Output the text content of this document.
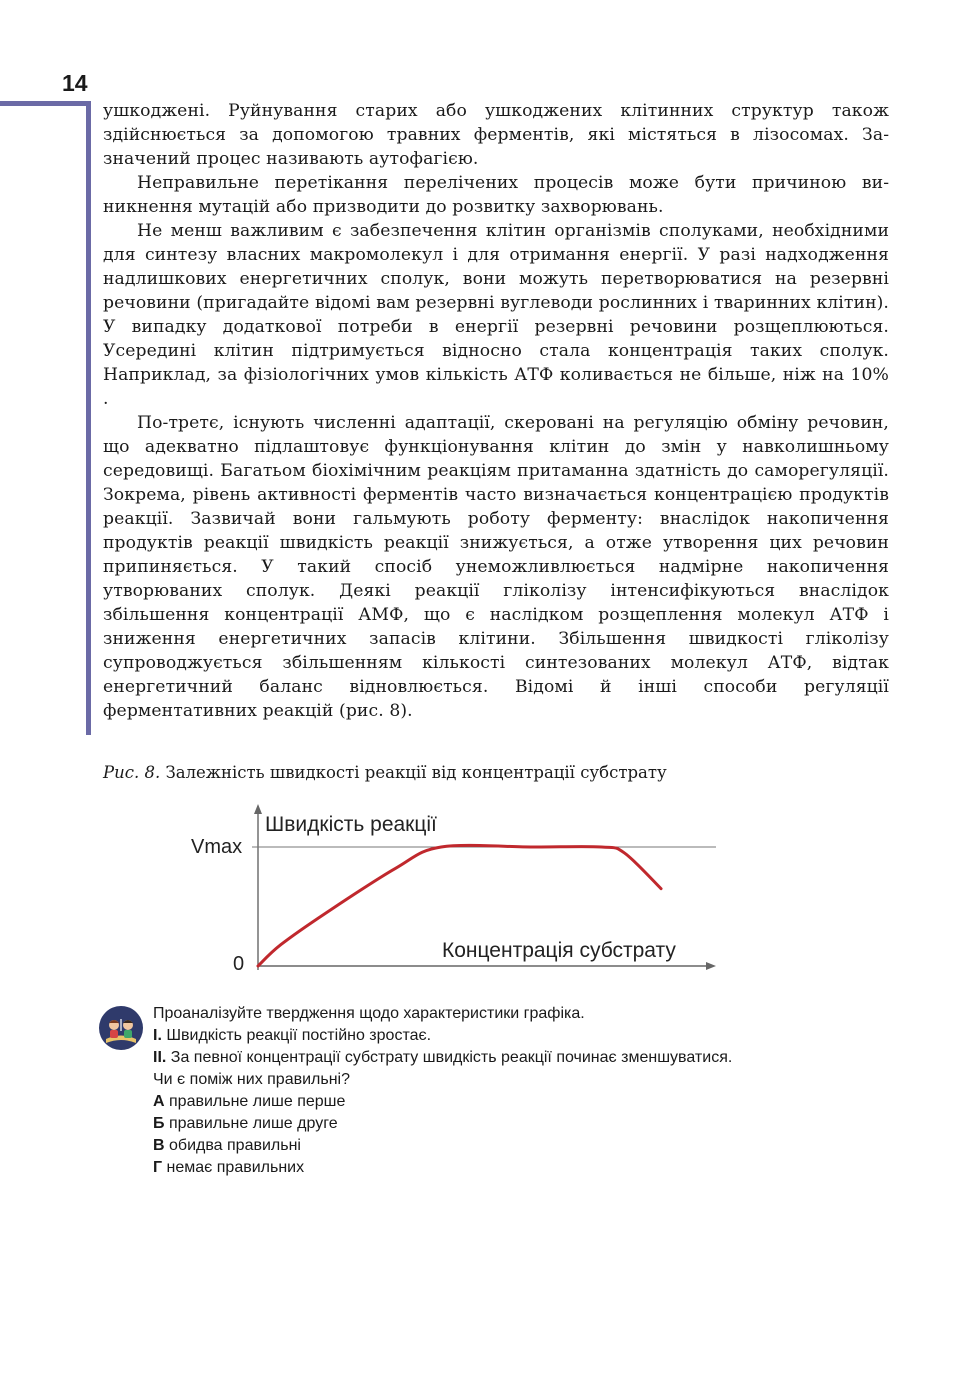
14

ушкоджені. Руйнування старих або ушкоджених клітинних структур також здійснюється за допомогою травних ферментів, які містяться в лізосомах. Зазначений процес називають аутофагією.

Неправильне перетікання перелічених процесів може бути причиною виникнення мутацій або призводити до розвитку захворювань.

Не менш важливим є забезпечення клітин організмів сполуками, необхідними для синтезу власних макромолекул і для отримання енергії. У разі надходження надлишкових енергетичних сполук, вони можуть перетворюватися на резервні речовини (пригадайте відомі вам резервні вуглеводи рослинних і тваринних клітин). У випадку додаткової потреби в енергії резервні речовини розщеплюються. Усередині клітин підтримується відносно стала концентрація таких сполук. Наприклад, за фізіологічних умов кількість АТФ коливається не більше, ніж на 10% .

По-третє, існують численні адаптації, скеровані на регуляцію обміну речовин, що адекватно підлаштовує функціонування клітин до змін у навколишньому середовищі. Багатьом біохімічним реакціям притаманна здатність до саморегуляції. Зокрема, рівень активності ферментів часто визначається концентрацією продуктів реакції. Зазвичай вони гальмують роботу ферменту: внаслідок накопичення продуктів реакції швидкість реакції знижується, а отже утворення цих речовин припиняється. У такий спосіб унеможливлюється надмірне накопичення утворюваних сполук. Деякі реакції гліколізу інтенсифікуються внаслідок збільшення концентрації АМФ, що є наслідком розщеплення молекул АТФ і зниження енергетичних запасів клітини. Збільшення швидкості гліколізу супроводжується збільшенням кількості синтезованих молекул АТФ, відтак енергетичний баланс відновлюється. Відомі й інші способи регуляції ферментативних реакцій (рис. 8).

Рис. 8. Залежність швидкості реакції від концентрації субстрату
Швидкість реакції
Vmax
0
Концентрація субстрату
Проаналізуйте твердження щодо характеристики графіка.
I. Швидкість реакції постійно зростає.
II. За певної концентрації субстрату швидкість реакції починає зменшуватися.
Чи є поміж них правильні?
А правильне лише перше
Б правильне лише друге
В обидва правильні
Г немає правильних
